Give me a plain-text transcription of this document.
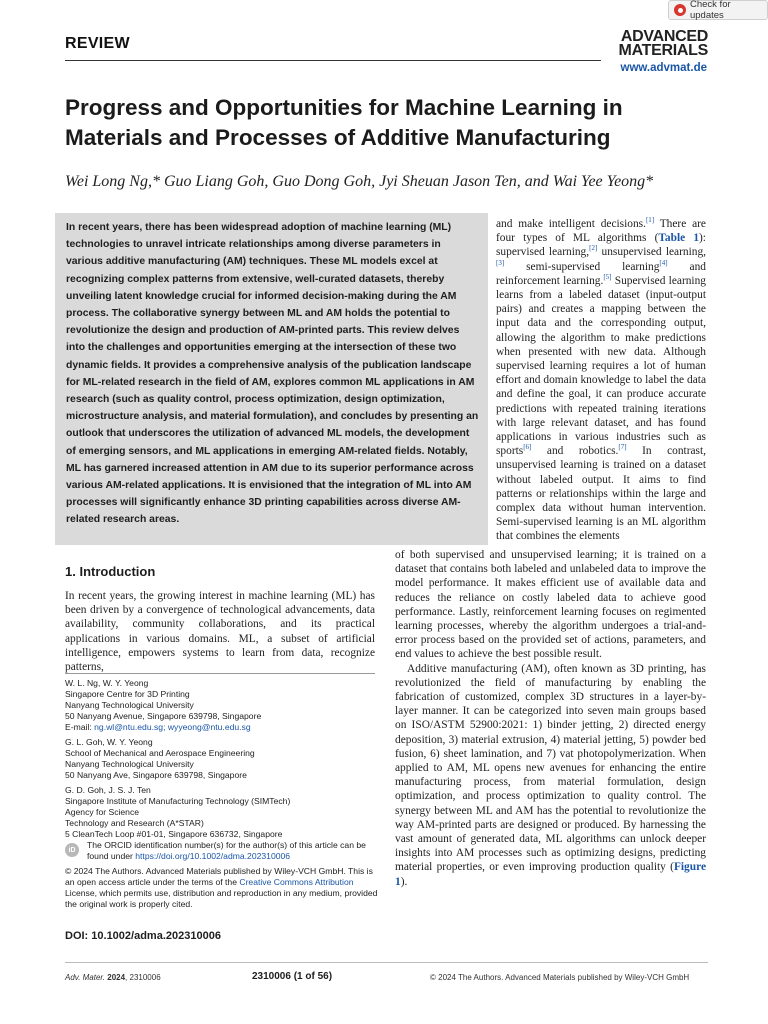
Check for updates
REVIEW	ADVANCED
MATERIALS
www.advmat.de
Progress and Opportunities for Machine Learning in Materials and Processes of Additive Manufacturing
Wei Long Ng,* Guo Liang Goh, Guo Dong Goh, Jyi Sheuan Jason Ten, and Wai Yee Yeong*
In recent years, there has been widespread adoption of machine learning (ML) technologies to unravel intricate relationships among diverse parameters in various additive manufacturing (AM) techniques. These ML models excel at recognizing complex patterns from extensive, well-curated datasets, thereby unveiling latent knowledge crucial for informed decision-making during the AM process. The collaborative synergy between ML and AM holds the potential to revolutionize the design and production of AM-printed parts. This review delves into the challenges and opportunities emerging at the intersection of these two dynamic fields. It provides a comprehensive analysis of the publication landscape for ML-related research in the field of AM, explores common ML applications in AM research (such as quality control, process optimization, design optimization, microstructure analysis, and material formulation), and concludes by presenting an outlook that underscores the utilization of advanced ML models, the development of emerging sensors, and ML applications in emerging AM-related fields. Notably, ML has garnered increased attention in AM due to its superior performance across various AM-related applications. It is envisioned that the integration of ML into AM processes will significantly enhance 3D printing capabilities across diverse AM-related research areas.

and make intelligent decisions.[1] There are four types of ML algorithms (Table 1): supervised learning,[2] unsupervised learning,[3] semi-supervised learning[4] and reinforcement learning.[5] Supervised learning learns from a labeled dataset (input-output pairs) and creates a mapping between the input data and the corresponding output, allowing the algorithm to make predictions when presented with new data. Although supervised learning requires a lot of human effort and domain knowledge to label the data and define the goal, it can produce accurate predictions with repeated training iterations with large relevant dataset, and has found applications in various industries such as sports[6] and robotics.[7] In contrast, unsupervised learning is trained on a dataset without labeled output. It aims to find patterns or relationships within the large and complex data without human intervention. Semi-supervised learning is an ML algorithm that combines the elements

of both supervised and unsupervised learning; it is trained on a dataset that contains both labeled and unlabeled data to improve the model performance. It makes efficient use of available data and reduces the reliance on costly labeled data to achieve good performance. Lastly, reinforcement learning focuses on regimented learning processes, whereby the algorithm undergoes a trial-and-error process based on the provided set of actions, parameters, and end values to achieve the best possible result.

Additive manufacturing (AM), often known as 3D printing, has revolutionized the field of manufacturing by enabling the fabrication of customized, complex 3D structures in a layer-by-layer manner. It can be categorized into seven main groups based on ISO/ASTM 52900:2021: 1) binder jetting, 2) directed energy deposition, 3) material extrusion, 4) material jetting, 5) powder bed fusion, 6) sheet lamination, and 7) vat photopolymerization. When applied to AM, ML opens new avenues for enhancing the entire manufacturing process, from material formulation, design optimization, and process optimization to quality control. The synergy between ML and AM has the potential to revolutionize the way AM-printed parts are designed or produced. By harnessing the vast amount of generated data, ML algorithms can unlock deeper insights into AM processes such as optimizing designs, predicting material properties, or even improving production quality (Figure 1).

1. Introduction
In recent years, the growing interest in machine learning (ML) has been driven by a convergence of technological advancements, data availability, community collaborations, and its practical applications in various domains. ML, a subset of artificial intelligence, empowers systems to learn from data, recognize patterns,
W. L. Ng, W. Y. Yeong
Singapore Centre for 3D Printing
Nanyang Technological University
50 Nanyang Avenue, Singapore 639798, Singapore
E-mail: ng.wl@ntu.edu.sg; wyyeong@ntu.edu.sg
G. L. Goh, W. Y. Yeong
School of Mechanical and Aerospace Engineering
Nanyang Technological University
50 Nanyang Ave, Singapore 639798, Singapore
G. D. Goh, J. S. J. Ten
Singapore Institute of Manufacturing Technology (SIMTech)
Agency for Science
Technology and Research (A*STAR)
5 CleanTech Loop #01-01, Singapore 636732, Singapore
iD	The ORCID identification number(s) for the author(s) of this article can be found under https://doi.org/10.1002/adma.202310006
© 2024 The Authors. Advanced Materials published by Wiley-VCH GmbH. This is an open access article under the terms of the Creative Commons Attribution License, which permits use, distribution and reproduction in any medium, provided the original work is properly cited.
DOI: 10.1002/adma.202310006
Adv. Mater. 2024, 2310006	2310006 (1 of 56)	© 2024 The Authors. Advanced Materials published by Wiley-VCH GmbH
